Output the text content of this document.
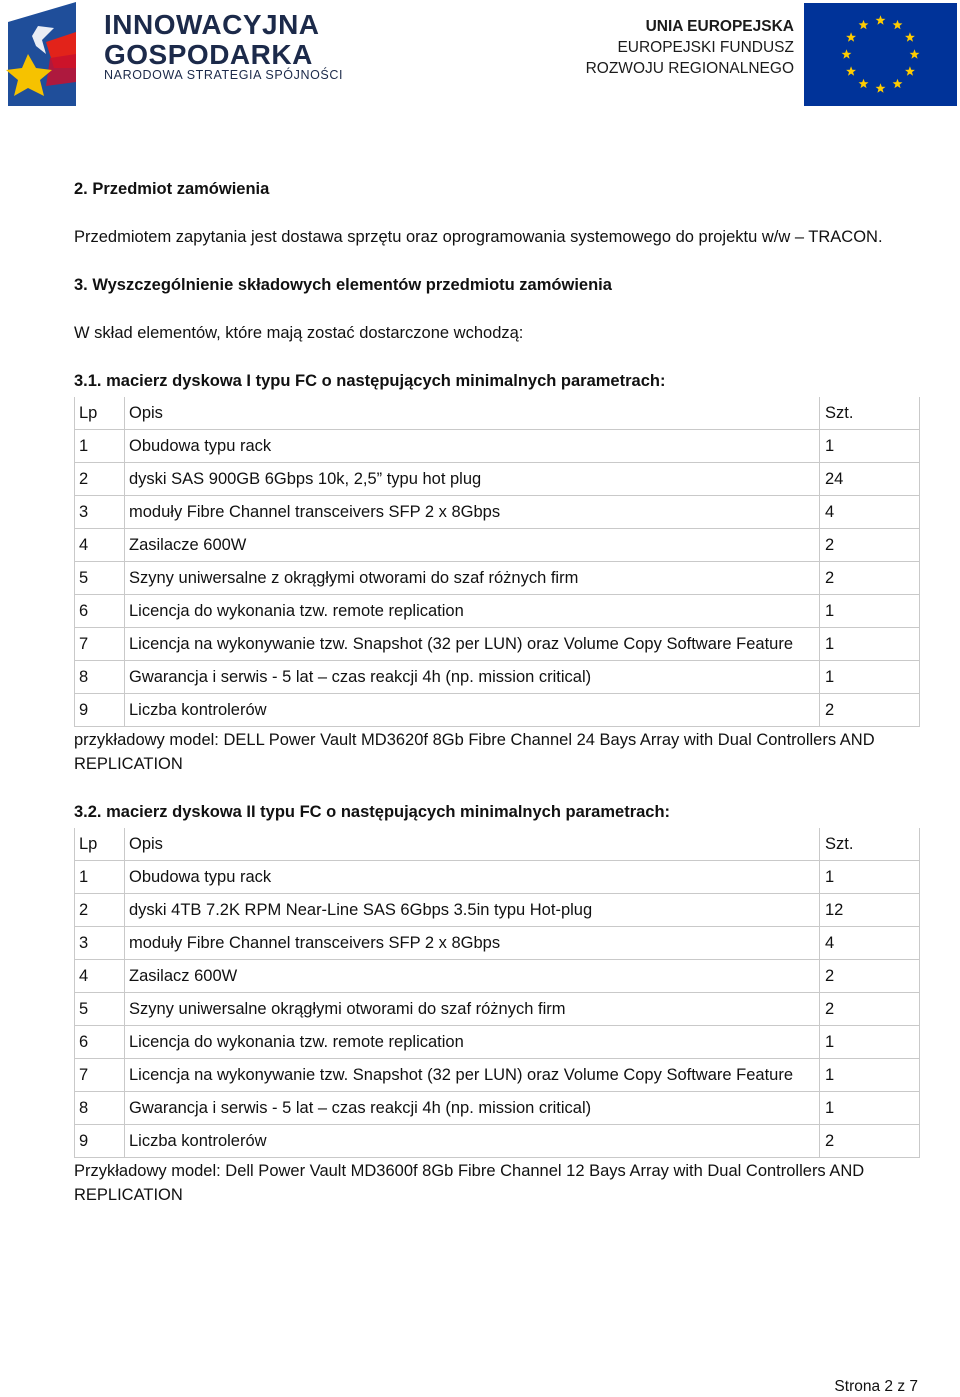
INNOWACYJNA
GOSPODARKA
NARODOWA STRATEGIA SPÓJNOŚCI
UNIA EUROPEJSKA
EUROPEJSKI FUNDUSZ
ROZWOJU REGIONALNEGO

2. Przedmiot zamówienia

Przedmiotem zapytania jest dostawa sprzętu oraz oprogramowania systemowego do projektu w/w – TRACON.

3. Wyszczególnienie składowych elementów przedmiotu zamówienia

W skład elementów, które mają zostać dostarczone wchodzą:

3.1. macierz dyskowa I typu FC o następujących minimalnych parametrach:

Lp	Opis	Szt.
1	Obudowa typu rack	1
2	dyski SAS 900GB 6Gbps 10k, 2,5” typu hot plug	24
3	moduły Fibre Channel transceivers SFP 2 x 8Gbps	4
4	Zasilacze 600W	2
5	Szyny uniwersalne z okrągłymi otworami do szaf różnych firm	2
6	Licencja do wykonania tzw. remote replication	1
7	Licencja na wykonywanie tzw. Snapshot (32 per LUN) oraz Volume Copy Software Feature	1
8	Gwarancja i serwis - 5 lat – czas reakcji 4h (np. mission critical)	1
9	Liczba kontrolerów	2
przykładowy model: DELL Power Vault MD3620f 8Gb Fibre Channel 24 Bays Array with Dual Controllers AND REPLICATION

3.2. macierz dyskowa II typu FC o następujących minimalnych parametrach:

Lp	Opis	Szt.
1	Obudowa typu rack	1
2	dyski 4TB 7.2K RPM Near-Line SAS 6Gbps 3.5in typu Hot-plug	12
3	moduły Fibre Channel transceivers SFP 2 x 8Gbps	4
4	Zasilacz 600W	2
5	Szyny uniwersalne okrągłymi otworami do szaf różnych firm	2
6	Licencja do wykonania tzw. remote replication	1
7	Licencja na wykonywanie tzw. Snapshot (32 per LUN) oraz Volume Copy Software Feature	1
8	Gwarancja i serwis - 5 lat – czas reakcji 4h (np. mission critical)	1
9	Liczba kontrolerów	2
Przykładowy model: Dell Power Vault MD3600f 8Gb Fibre Channel 12 Bays Array with Dual Controllers AND REPLICATION
Strona 2 z 7
